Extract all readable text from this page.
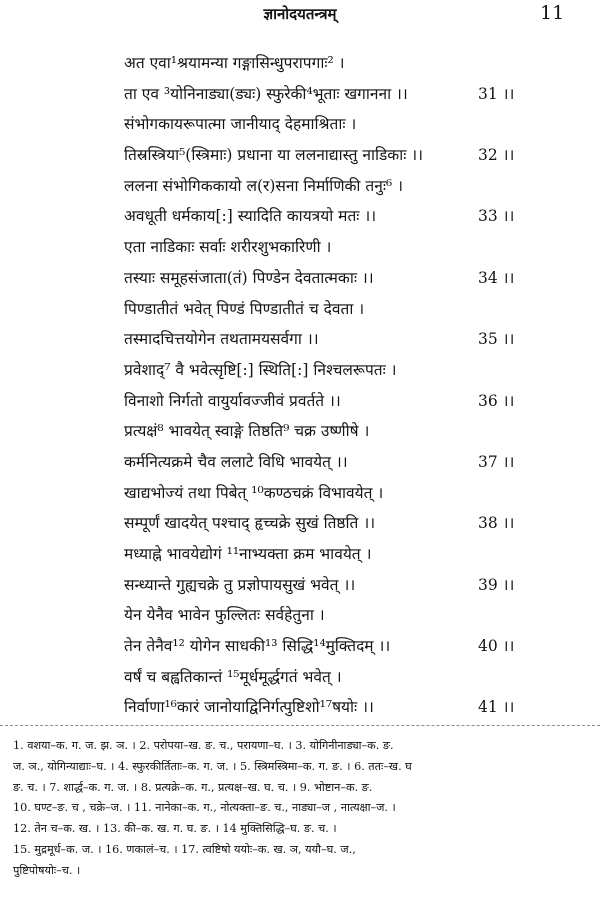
ज्ञानोदयतन्त्रम्	11
अत एवा¹श्रयामन्या गङ्गासिन्धुपरापगाः² ।
ता एव ³योनिनाड्या(ड्यः) स्फुरेकी⁴भूताः खगानना ।।	31 ।।
संभोगकायरूपात्मा जानीयाद् देहमाश्रिताः ।
तिस्रस्त्रिया⁵(स्त्रिमाः) प्रधाना या ललनाद्यास्तु नाडिकाः ।।	32 ।।
ललना संभोगिककायो ल(र)सना निर्माणिकी तनुः⁶ ।
अवधूती धर्मकाय[:] स्यादिति कायत्रयो मतः ।।	33 ।।
एता नाडिकाः सर्वाः शरीरशुभकारिणी ।
तस्याः समूहसंजाता(तं) पिण्डेन देवतात्मकाः ।।	34 ।।
पिण्डातीतं भवेत् पिण्डं पिण्डातीतं च देवता ।
तस्मादचित्तयोगेन तथतामयसर्वगा ।।	35 ।।
प्रवेशाद्⁷ वै भवेत्सृष्टि[:] स्थिति[:] निश्चलरूपतः ।
विनाशो निर्गतो वायुर्यावज्जीवं प्रवर्तते ।।	36 ।।
प्रत्यक्षं⁸ भावयेत् स्वाङ्गे तिष्ठति⁹ चक्र उष्णीषे ।
कर्मनित्यक्रमे चैव ललाटे विधि भावयेत् ।।	37 ।।
खाद्यभोज्यं तथा पिबेत् ¹⁰कण्ठचक्रं विभावयेत् ।
सम्पूर्णं खादयेत् पश्चाद् हृच्चक्रे सुखं तिष्ठति ।।	38 ।।
मध्याह्ने भावयेद्योगं ¹¹नाभ्यक्ता क्रम भावयेत् ।
सन्ध्यान्ते गुह्यचक्रे तु प्रज्ञोपायसुखं भवेत् ।।	39 ।।
येन येनैव भावेन फुल्लितः सर्वहेतुना ।
तेन तेनैव¹² योगेन साधकी¹³ सिद्धि¹⁴मुक्तिदम् ।।	40 ।।
वर्षं च बह्वतिकान्तं ¹⁵मूर्धमूर्द्धगतं भवेत् ।
निर्वाणा¹⁶कारं जानोयाद्विनिर्गत्पुष्टिशो¹⁷षयोः ।।	41 ।।
1. वशया–क. ग. ज. झ. ञ. । 2. परोपया–ख. ङ. च., परायणा–घ. । 3. योगिनीनाड्या–क. ङ.
ज. ञ., योगिन्याद्याः–घ. । 4. स्फुरकीर्तिताः–क. ग. ज. । 5. स्त्रिमस्त्रिमा–क. ग. ङ. । 6. ततः–ख. घ
ङ. च. । 7. शार्द्ध–क. ग. ज. । 8. प्रत्यक्रे–क. ग., प्रत्यक्ष–ख. घ. च. । 9. भोष्टान–क. ङ.
10. घण्ट–ङ. च , चक्रे–ज. । 11. नानेका–क. ग., नोत्यक्ता–ङ. च., नाड्या–ज , नात्यक्षा–ज. ।
12. तेन च–क. ख. । 13. की–क. ख. ग. घ. ङ. । 14 मुक्तिसिद्धि–घ. ङ. च. ।
15. मुद्रमूर्ध–क. ज. । 16. णकालं–च. । 17. त्वष्टिषो ययोः–क. ख. ञ, ययौ–घ. ज.,
पुष्टिपोषयोः–च. ।
